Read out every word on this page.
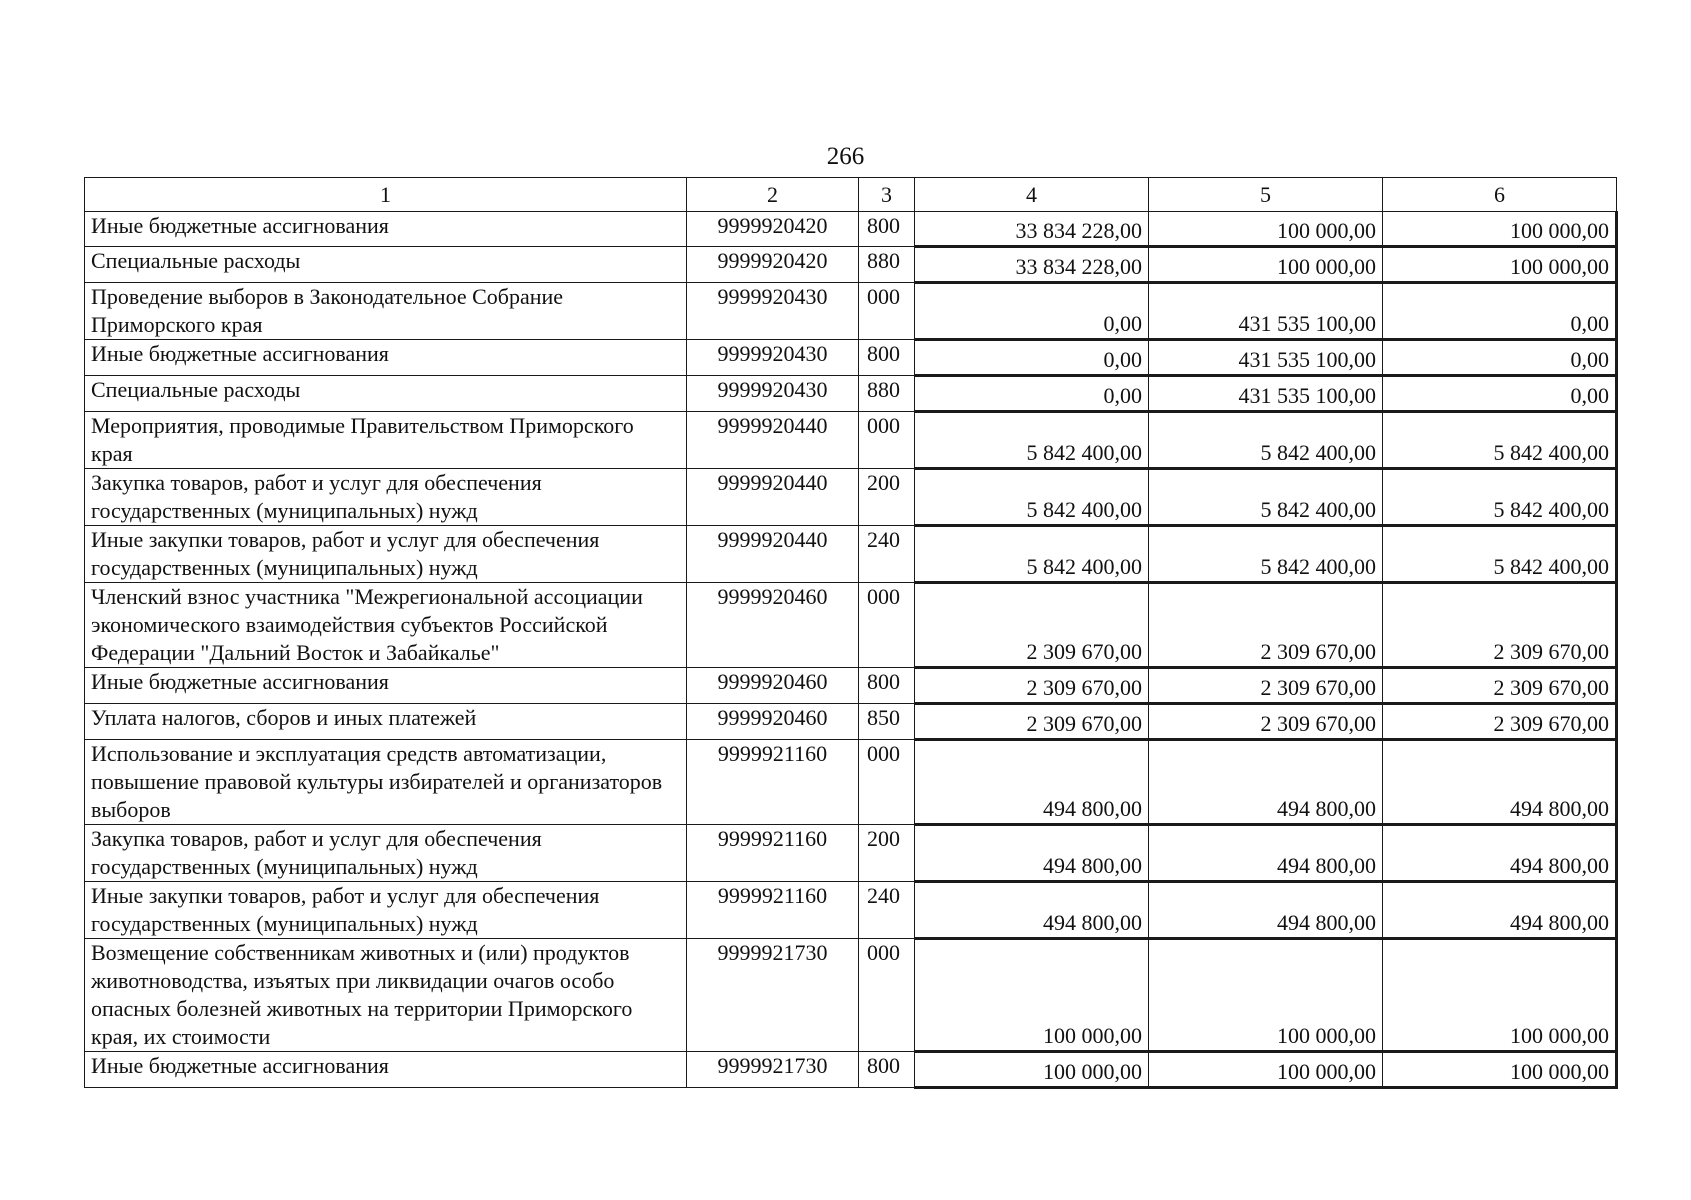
266
1	2	3	4	5	6
Иные бюджетные ассигнования	9999920420	800	33 834 228,00	100 000,00	100 000,00
Специальные расходы	9999920420	880	33 834 228,00	100 000,00	100 000,00
Проведение выборов в Законодательное Собрание Приморского края	9999920430	000	0,00	431 535 100,00	0,00
Иные бюджетные ассигнования	9999920430	800	0,00	431 535 100,00	0,00
Специальные расходы	9999920430	880	0,00	431 535 100,00	0,00
Мероприятия, проводимые Правительством Приморского края	9999920440	000	5 842 400,00	5 842 400,00	5 842 400,00
Закупка товаров, работ и услуг для обеспечения государственных (муниципальных) нужд	9999920440	200	5 842 400,00	5 842 400,00	5 842 400,00
Иные закупки товаров, работ и услуг для обеспечения государственных (муниципальных) нужд	9999920440	240	5 842 400,00	5 842 400,00	5 842 400,00
Членский взнос участника "Межрегиональной ассоциации экономического взаимодействия субъектов Российской Федерации "Дальний Восток и Забайкалье"	9999920460	000	2 309 670,00	2 309 670,00	2 309 670,00
Иные бюджетные ассигнования	9999920460	800	2 309 670,00	2 309 670,00	2 309 670,00
Уплата налогов, сборов и иных платежей	9999920460	850	2 309 670,00	2 309 670,00	2 309 670,00
Использование и эксплуатация средств автоматизации, повышение правовой культуры избирателей и организаторов выборов	9999921160	000	494 800,00	494 800,00	494 800,00
Закупка товаров, работ и услуг для обеспечения государственных (муниципальных) нужд	9999921160	200	494 800,00	494 800,00	494 800,00
Иные закупки товаров, работ и услуг для обеспечения государственных (муниципальных) нужд	9999921160	240	494 800,00	494 800,00	494 800,00
Возмещение собственникам животных и (или) продуктов животноводства, изъятых при ликвидации очагов особо опасных болезней животных на территории Приморского края, их стоимости	9999921730	000	100 000,00	100 000,00	100 000,00
Иные бюджетные ассигнования	9999921730	800	100 000,00	100 000,00	100 000,00
